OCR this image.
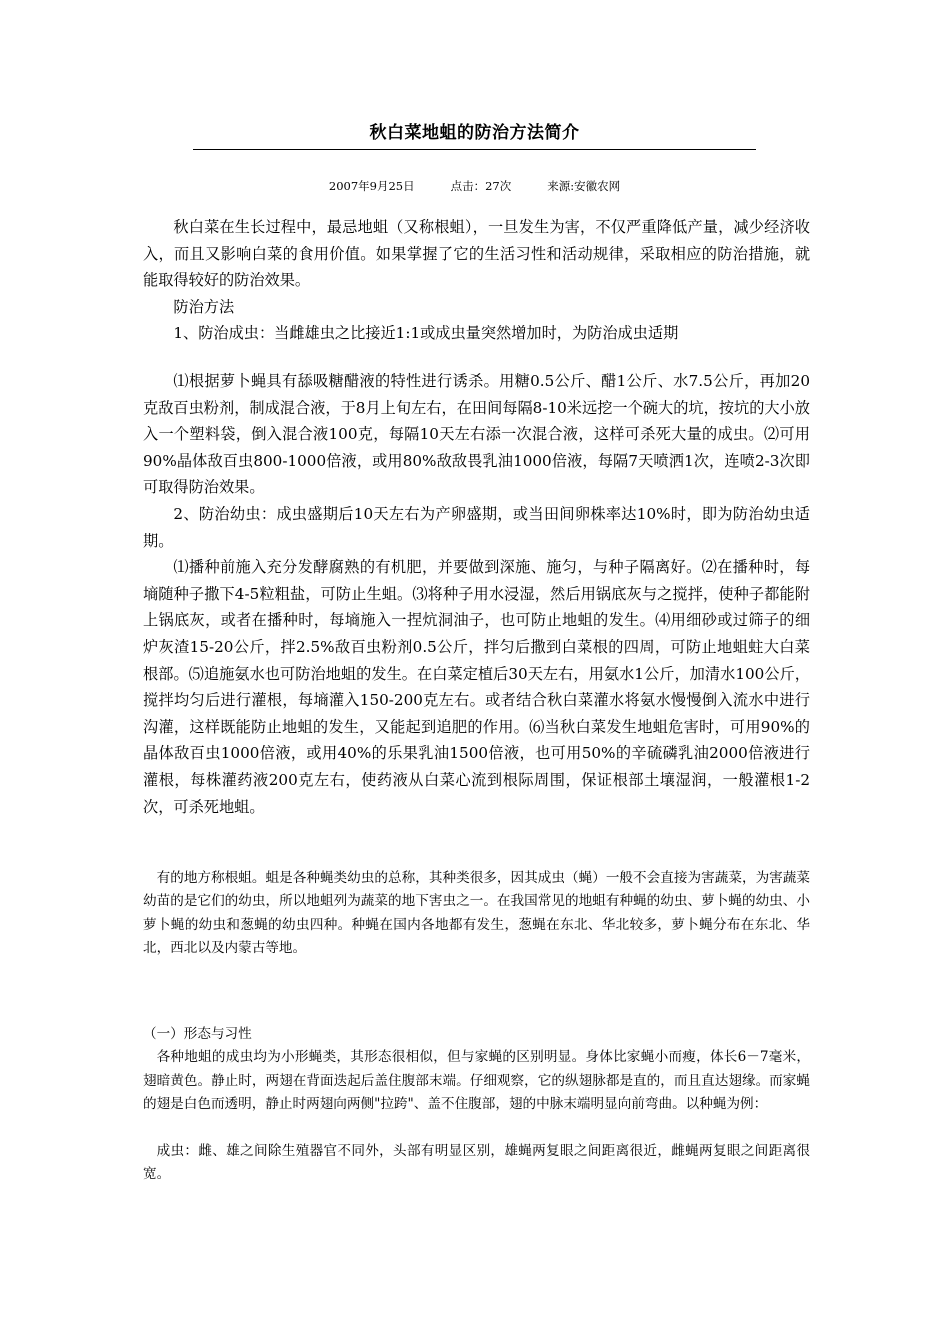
秋白菜地蛆的防治方法简介
2007年9月25日	点击：27次	来源:安徽农网

秋白菜在生长过程中，最忌地蛆（又称根蛆），一旦发生为害，不仅严重降低产量，减少经济收入，而且又影响白菜的食用价值。如果掌握了它的生活习性和活动规律，采取相应的防治措施，就能取得较好的防治效果。

防治方法

1、防治成虫：当雌雄虫之比接近1:1或成虫量突然增加时，为防治成虫适期

⑴根据萝卜蝇具有舔吸糖醋液的特性进行诱杀。用糖0.5公斤、醋1公斤、水7.5公斤，再加20克敌百虫粉剂，制成混合液，于8月上旬左右，在田间每隔8-10米远挖一个碗大的坑，按坑的大小放入一个塑料袋，倒入混合液100克，每隔10天左右添一次混合液，这样可杀死大量的成虫。⑵可用90%晶体敌百虫800-1000倍液，或用80%敌敌畏乳油1000倍液，每隔7天喷洒1次，连喷2-3次即可取得防治效果。

2、防治幼虫：成虫盛期后10天左右为产卵盛期，或当田间卵株率达10%时，即为防治幼虫适期。

⑴播种前施入充分发酵腐熟的有机肥，并要做到深施、施匀，与种子隔离好。⑵在播种时，每墒随种子撒下4-5粒粗盐，可防止生蛆。⑶将种子用水浸湿，然后用锅底灰与之搅拌，使种子都能附上锅底灰，或者在播种时，每墒施入一捏炕洞油子，也可防止地蛆的发生。⑷用细砂或过筛子的细炉灰渣15-20公斤，拌2.5%敌百虫粉剂0.5公斤，拌匀后撒到白菜根的四周，可防止地蛆蛀大白菜根部。⑸追施氨水也可防治地蛆的发生。在白菜定植后30天左右，用氨水1公斤，加清水100公斤，搅拌均匀后进行灌根，每墒灌入150-200克左右。或者结合秋白菜灌水将氨水慢慢倒入流水中进行沟灌，这样既能防止地蛆的发生，又能起到追肥的作用。⑹当秋白菜发生地蛆危害时，可用90%的晶体敌百虫1000倍液，或用40%的乐果乳油1500倍液，也可用50%的辛硫磷乳油2000倍液进行灌根，每株灌药液200克左右，使药液从白菜心流到根际周围，保证根部土壤湿润，一般灌根1-2次，可杀死地蛆。

有的地方称根蛆。蛆是各种蝇类幼虫的总称，其种类很多，因其成虫（蝇）一般不会直接为害蔬菜，为害蔬菜幼苗的是它们的幼虫，所以地蛆列为蔬菜的地下害虫之一。在我国常见的地蛆有种蝇的幼虫、萝卜蝇的幼虫、小萝卜蝇的幼虫和葱蝇的幼虫四种。种蝇在国内各地都有发生，葱蝇在东北、华北较多，萝卜蝇分布在东北、华北，西北以及内蒙古等地。

（一）形态与习性

各种地蛆的成虫均为小形蝇类，其形态很相似，但与家蝇的区别明显。身体比家蝇小而瘦，体长6－7毫米，翅暗黄色。静止时，两翅在背面迭起后盖住腹部末端。仔细观察，它的纵翅脉都是直的，而且直达翅缘。而家蝇的翅是白色而透明，静止时两翅向两侧"拉跨"、盖不住腹部，翅的中脉末端明显向前弯曲。以种蝇为例：

成虫：雌、雄之间除生殖器官不同外，头部有明显区别，雄蝇两复眼之间距离很近，雌蝇两复眼之间距离很宽。
